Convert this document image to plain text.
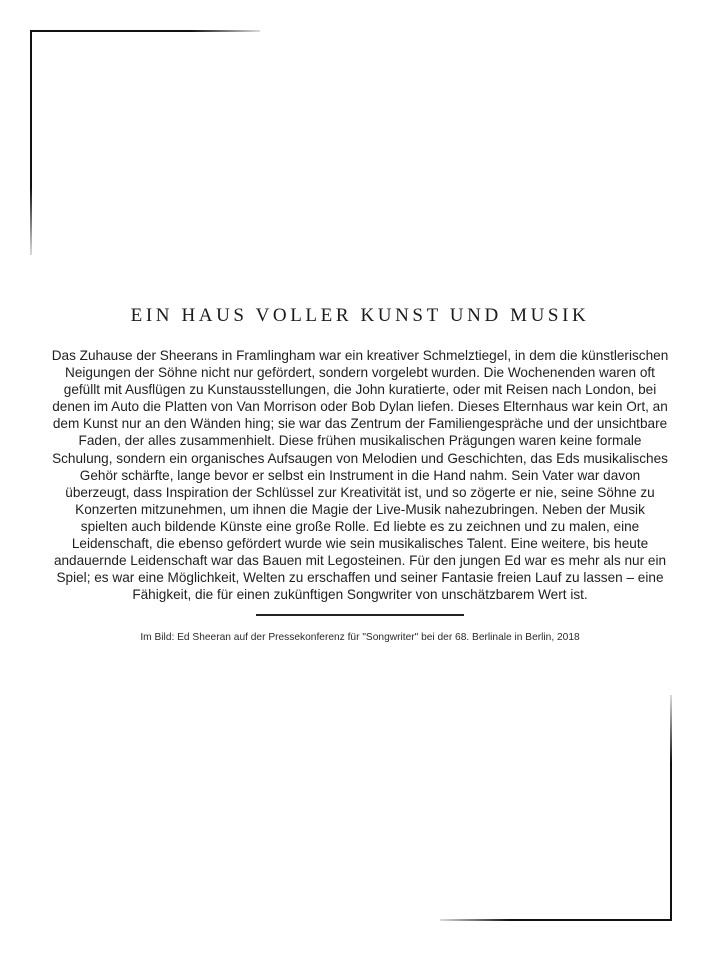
EIN HAUS VOLLER KUNST UND MUSIK

Das Zuhause der Sheerans in Framlingham war ein kreativer Schmelztiegel, in dem die künstlerischen Neigungen der Söhne nicht nur gefördert, sondern vorgelebt wurden. Die Wochenenden waren oft gefüllt mit Ausflügen zu Kunstausstellungen, die John kuratierte, oder mit Reisen nach London, bei denen im Auto die Platten von Van Morrison oder Bob Dylan liefen. Dieses Elternhaus war kein Ort, an dem Kunst nur an den Wänden hing; sie war das Zentrum der Familiengespräche und der unsichtbare Faden, der alles zusammenhielt. Diese frühen musikalischen Prägungen waren keine formale Schulung, sondern ein organisches Aufsaugen von Melodien und Geschichten, das Eds musikalisches Gehör schärfte, lange bevor er selbst ein Instrument in die Hand nahm. Sein Vater war davon überzeugt, dass Inspiration der Schlüssel zur Kreativität ist, und so zögerte er nie, seine Söhne zu Konzerten mitzunehmen, um ihnen die Magie der Live-Musik nahezubringen. Neben der Musik spielten auch bildende Künste eine große Rolle. Ed liebte es zu zeichnen und zu malen, eine Leidenschaft, die ebenso gefördert wurde wie sein musikalisches Talent. Eine weitere, bis heute andauernde Leidenschaft war das Bauen mit Legosteinen. Für den jungen Ed war es mehr als nur ein Spiel; es war eine Möglichkeit, Welten zu erschaffen und seiner Fantasie freien Lauf zu lassen – eine Fähigkeit, die für einen zukünftigen Songwriter von unschätzbarem Wert ist.

Im Bild: Ed Sheeran auf der Pressekonferenz für "Songwriter" bei der 68. Berlinale in Berlin, 2018
